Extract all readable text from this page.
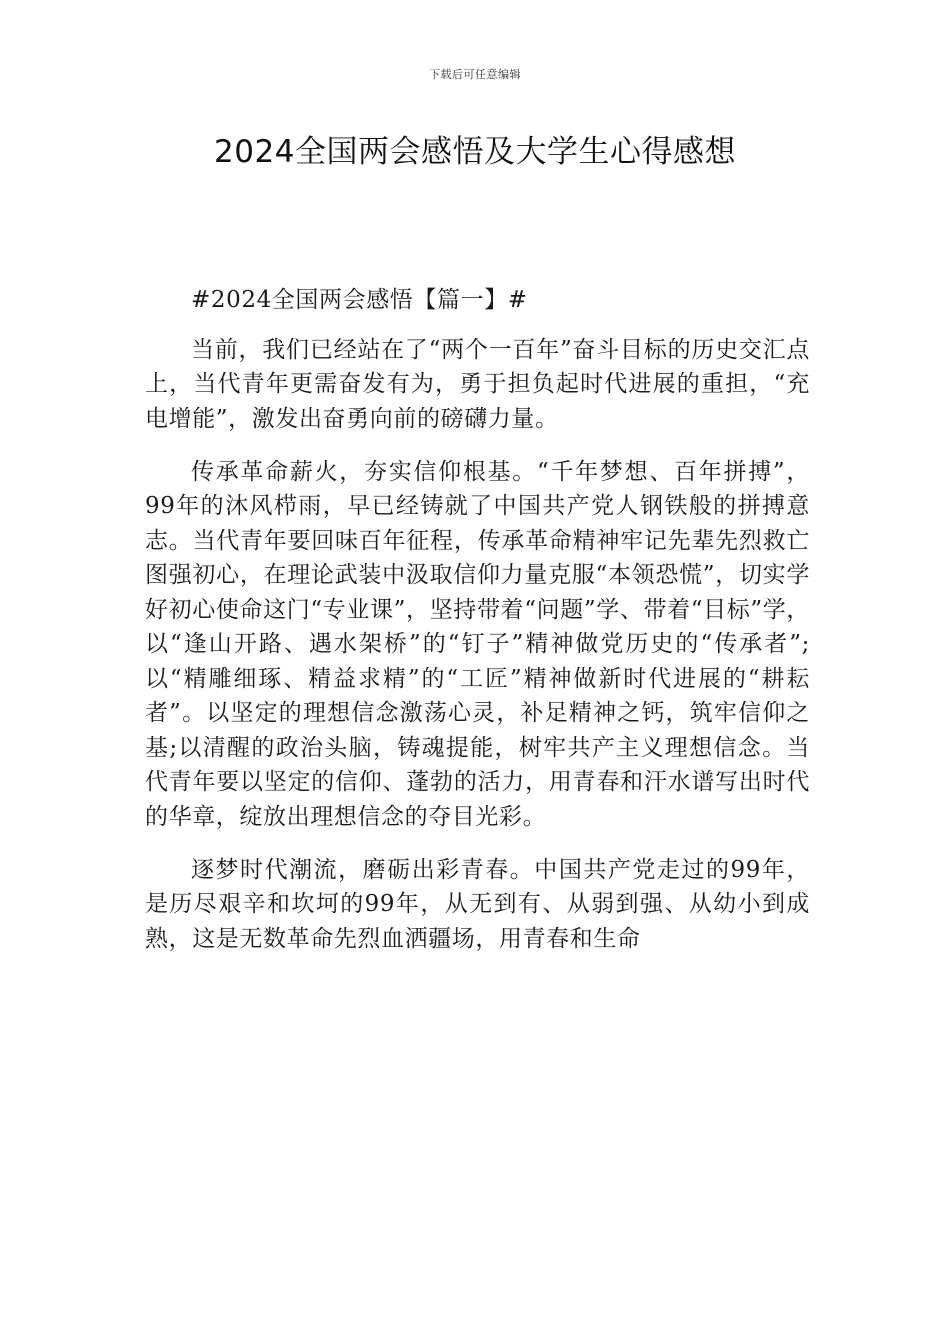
下载后可任意编辑
2024全国两会感悟及大学生心得感想

#2024全国两会感悟【篇一】#

当前，我们已经站在了“两个一百年”奋斗目标的历史交汇点上，当代青年更需奋发有为，勇于担负起时代进展的重担，“充电增能”，激发出奋勇向前的磅礴力量。

传承革命薪火，夯实信仰根基。“千年梦想、百年拼搏”，99年的沐风栉雨，早已经铸就了中国共产党人钢铁般的拼搏意志。当代青年要回味百年征程，传承革命精神牢记先辈先烈救亡图强初心，在理论武装中汲取信仰力量克服“本领恐慌”，切实学好初心使命这门“专业课”，坚持带着“问题”学、带着“目标”学，以“逢山开路、遇水架桥”的“钉子”精神做党历史的“传承者”;以“精雕细琢、精益求精”的“工匠”精神做新时代进展的“耕耘者”。以坚定的理想信念激荡心灵，补足精神之钙，筑牢信仰之基;以清醒的政治头脑，铸魂提能，树牢共产主义理想信念。当代青年要以坚定的信仰、蓬勃的活力，用青春和汗水谱写出时代的华章，绽放出理想信念的夺目光彩。

逐梦时代潮流，磨砺出彩青春。中国共产党走过的99年，是历尽艰辛和坎坷的99年，从无到有、从弱到强、从幼小到成熟，这是无数革命先烈血洒疆场，用青春和生命
